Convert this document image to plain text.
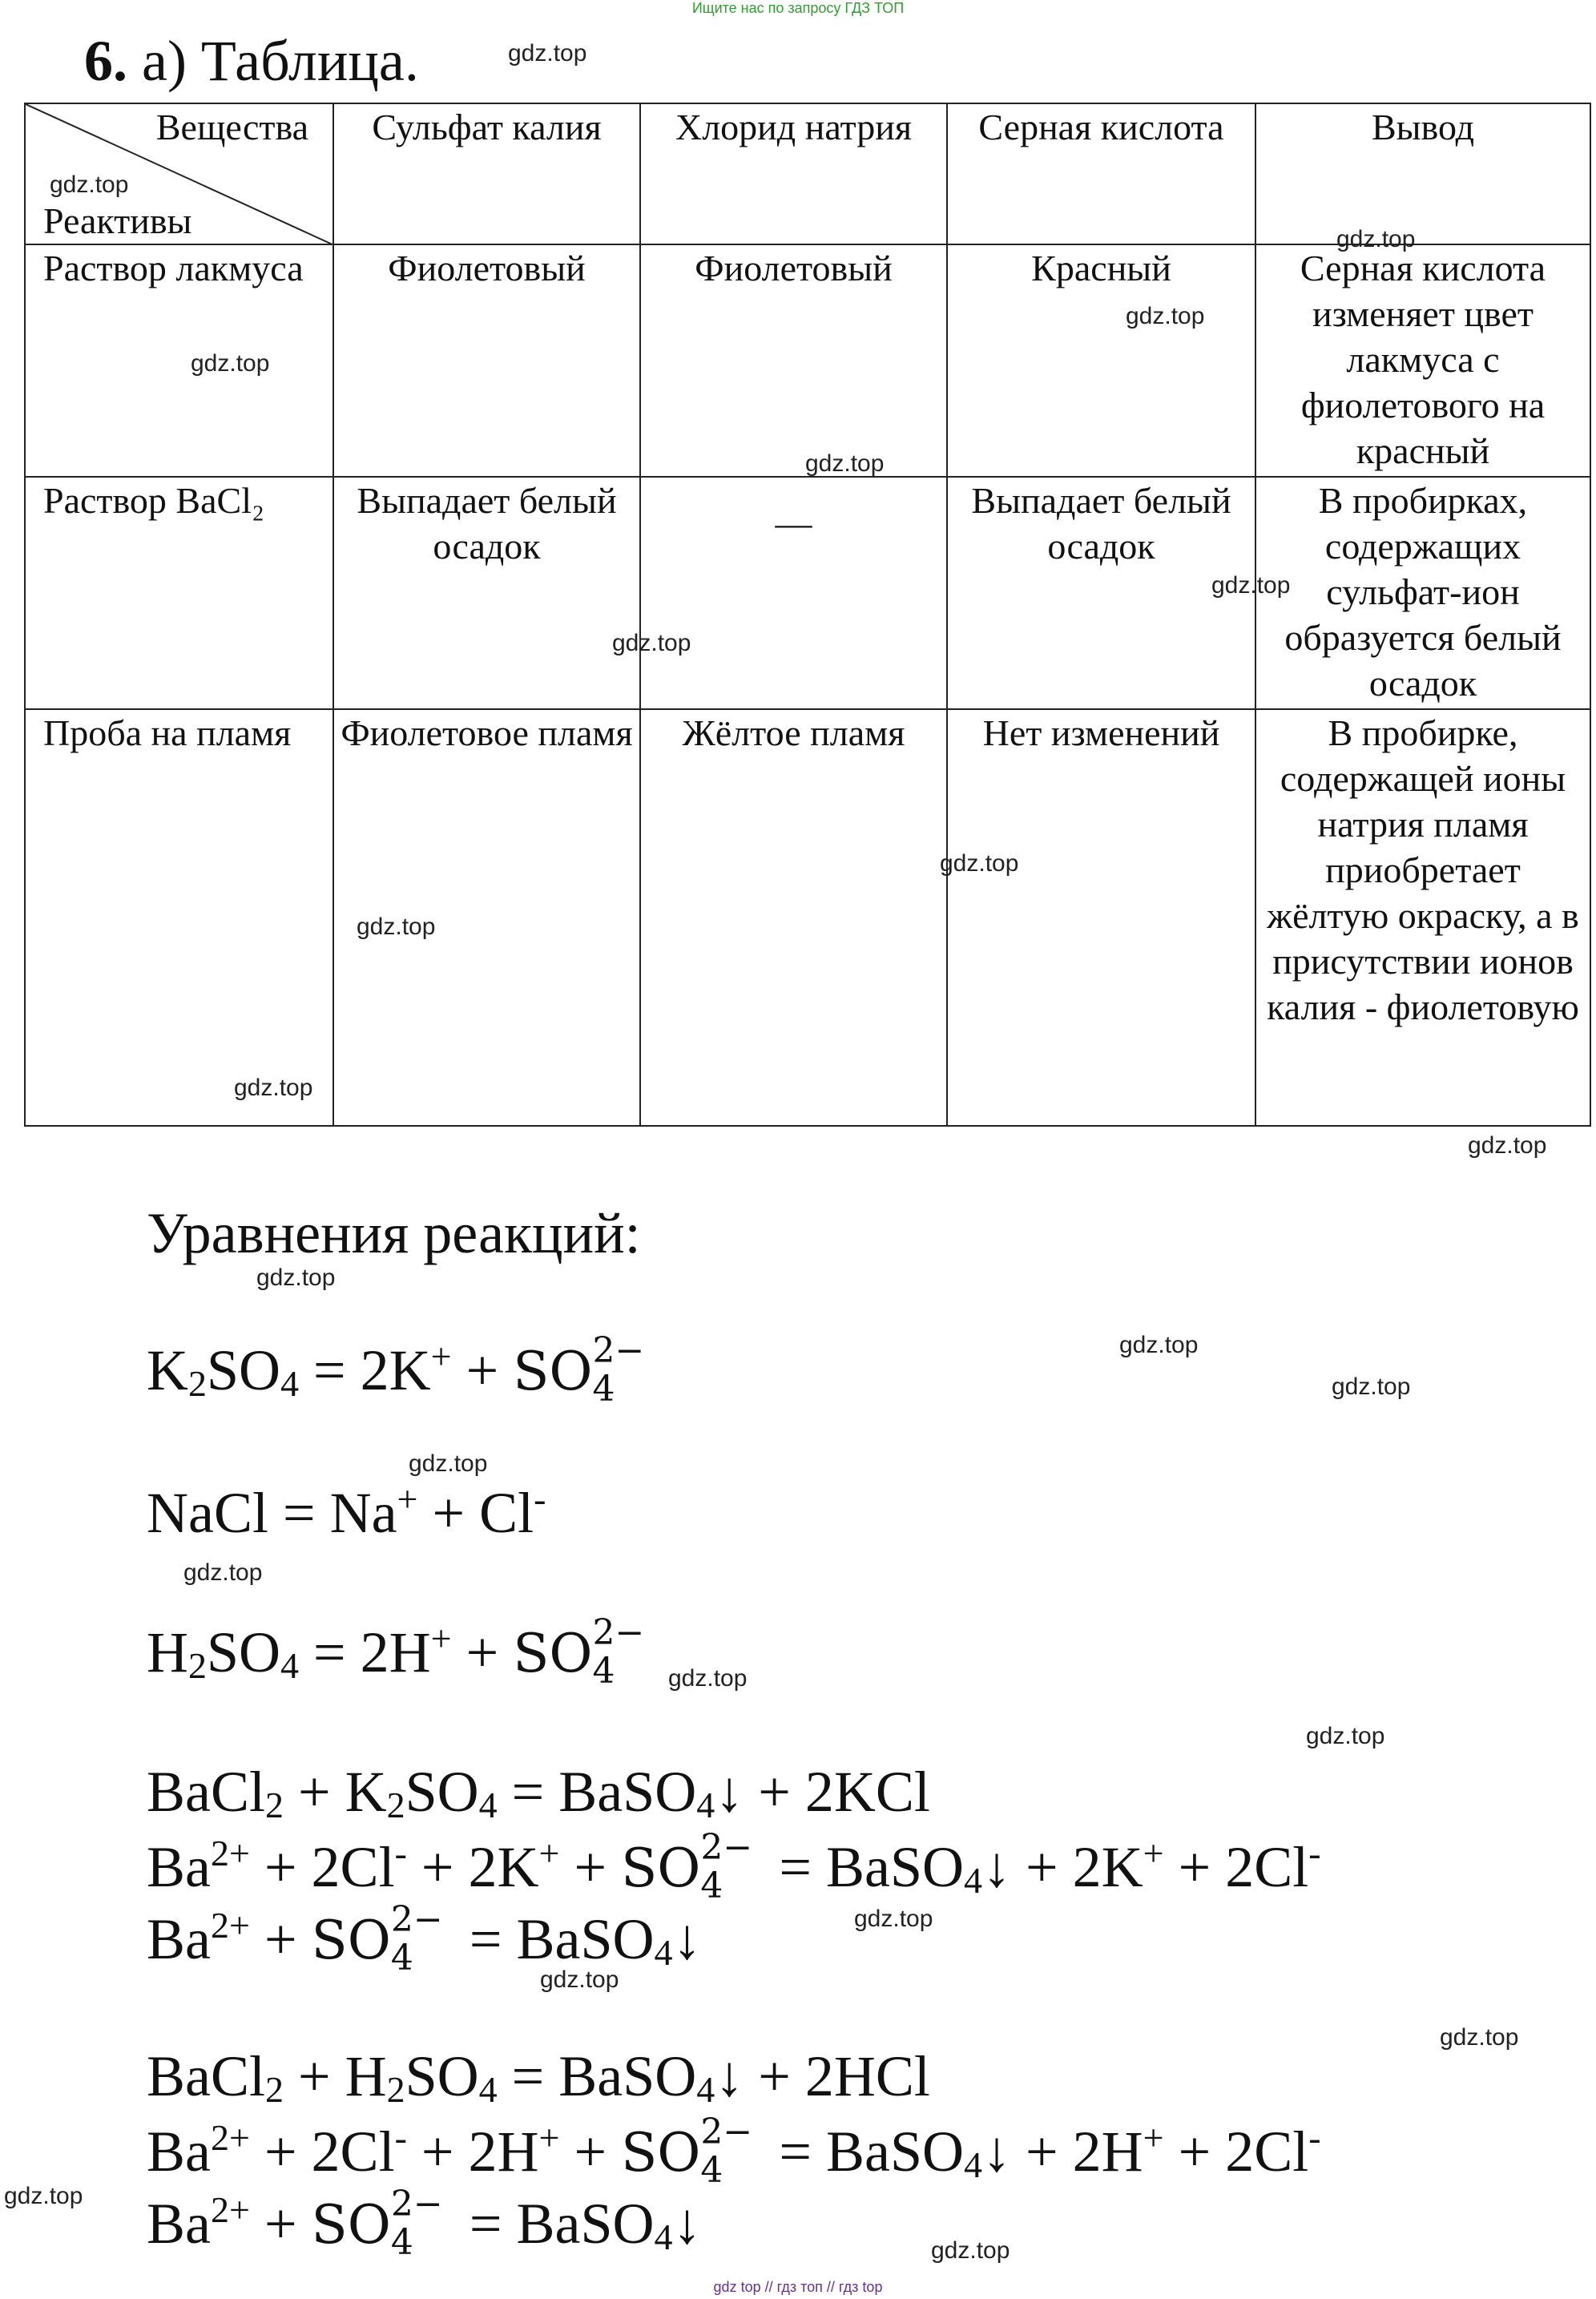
Ищите нас по запросу ГДЗ ТОП
6. а) Таблица.
Вещества
Реактивы	Сульфат калия	Хлорид натрия	Серная кислота	Вывод
Раствор лакмуса	Фиолетовый	Фиолетовый	Красный	Серная кислота изменяет цвет лакмуса с фиолетового на красный
Раствор BaCl₂	Выпадает белый осадок	—	Выпадает белый осадок	В пробирках, содержащих сульфат-ион образуется белый осадок
Проба на пламя	Фиолетовое пламя	Жёлтое пламя	Нет изменений	В пробирке, содержащей ионы натрия пламя приобретает жёлтую окраску, а в присутствии ионов калия - фиолетовую
Уравнения реакций:
$K_2SO_4 = 2K^+$ + SO 2−
4
NaCl = Na+ + Cl-
$H_2SO_4 = 2H^+$ + SO 2−
4
BaCl$_2$ + $K_2SO_4$ = BaSO$_4$↓ + 2KCl
$Ba^{2+} + 2Cl^- + 2K^+$ + SO 2−
4 = BaSO$_4$↓ + 2K+ + 2Cl-
$Ba^{2+}$ + SO 2−
4 = BaSO$_4$↓
BaCl$_2$ + $H_2SO_4$ = BaSO$_4$↓ + 2HCl
$Ba^{2+} + 2Cl^- + 2H^+$ + SO 2−
4 = BaSO$_4$↓ + 2H+ + 2Cl-
$Ba^{2+}$ + SO 2−
4 = BaSO$_4$↓
gdz.top
gdz.top
gdz.top
gdz.top
gdz.top
gdz.top
gdz.top
gdz.top
gdz.top
gdz.top
gdz.top
gdz.top
gdz.top
gdz.top
gdz.top
gdz.top
gdz.top
gdz.top
gdz.top
gdz.top
gdz.top
gdz.top
gdz.top
gdz.top
gdz top // гдз топ // гдз top
